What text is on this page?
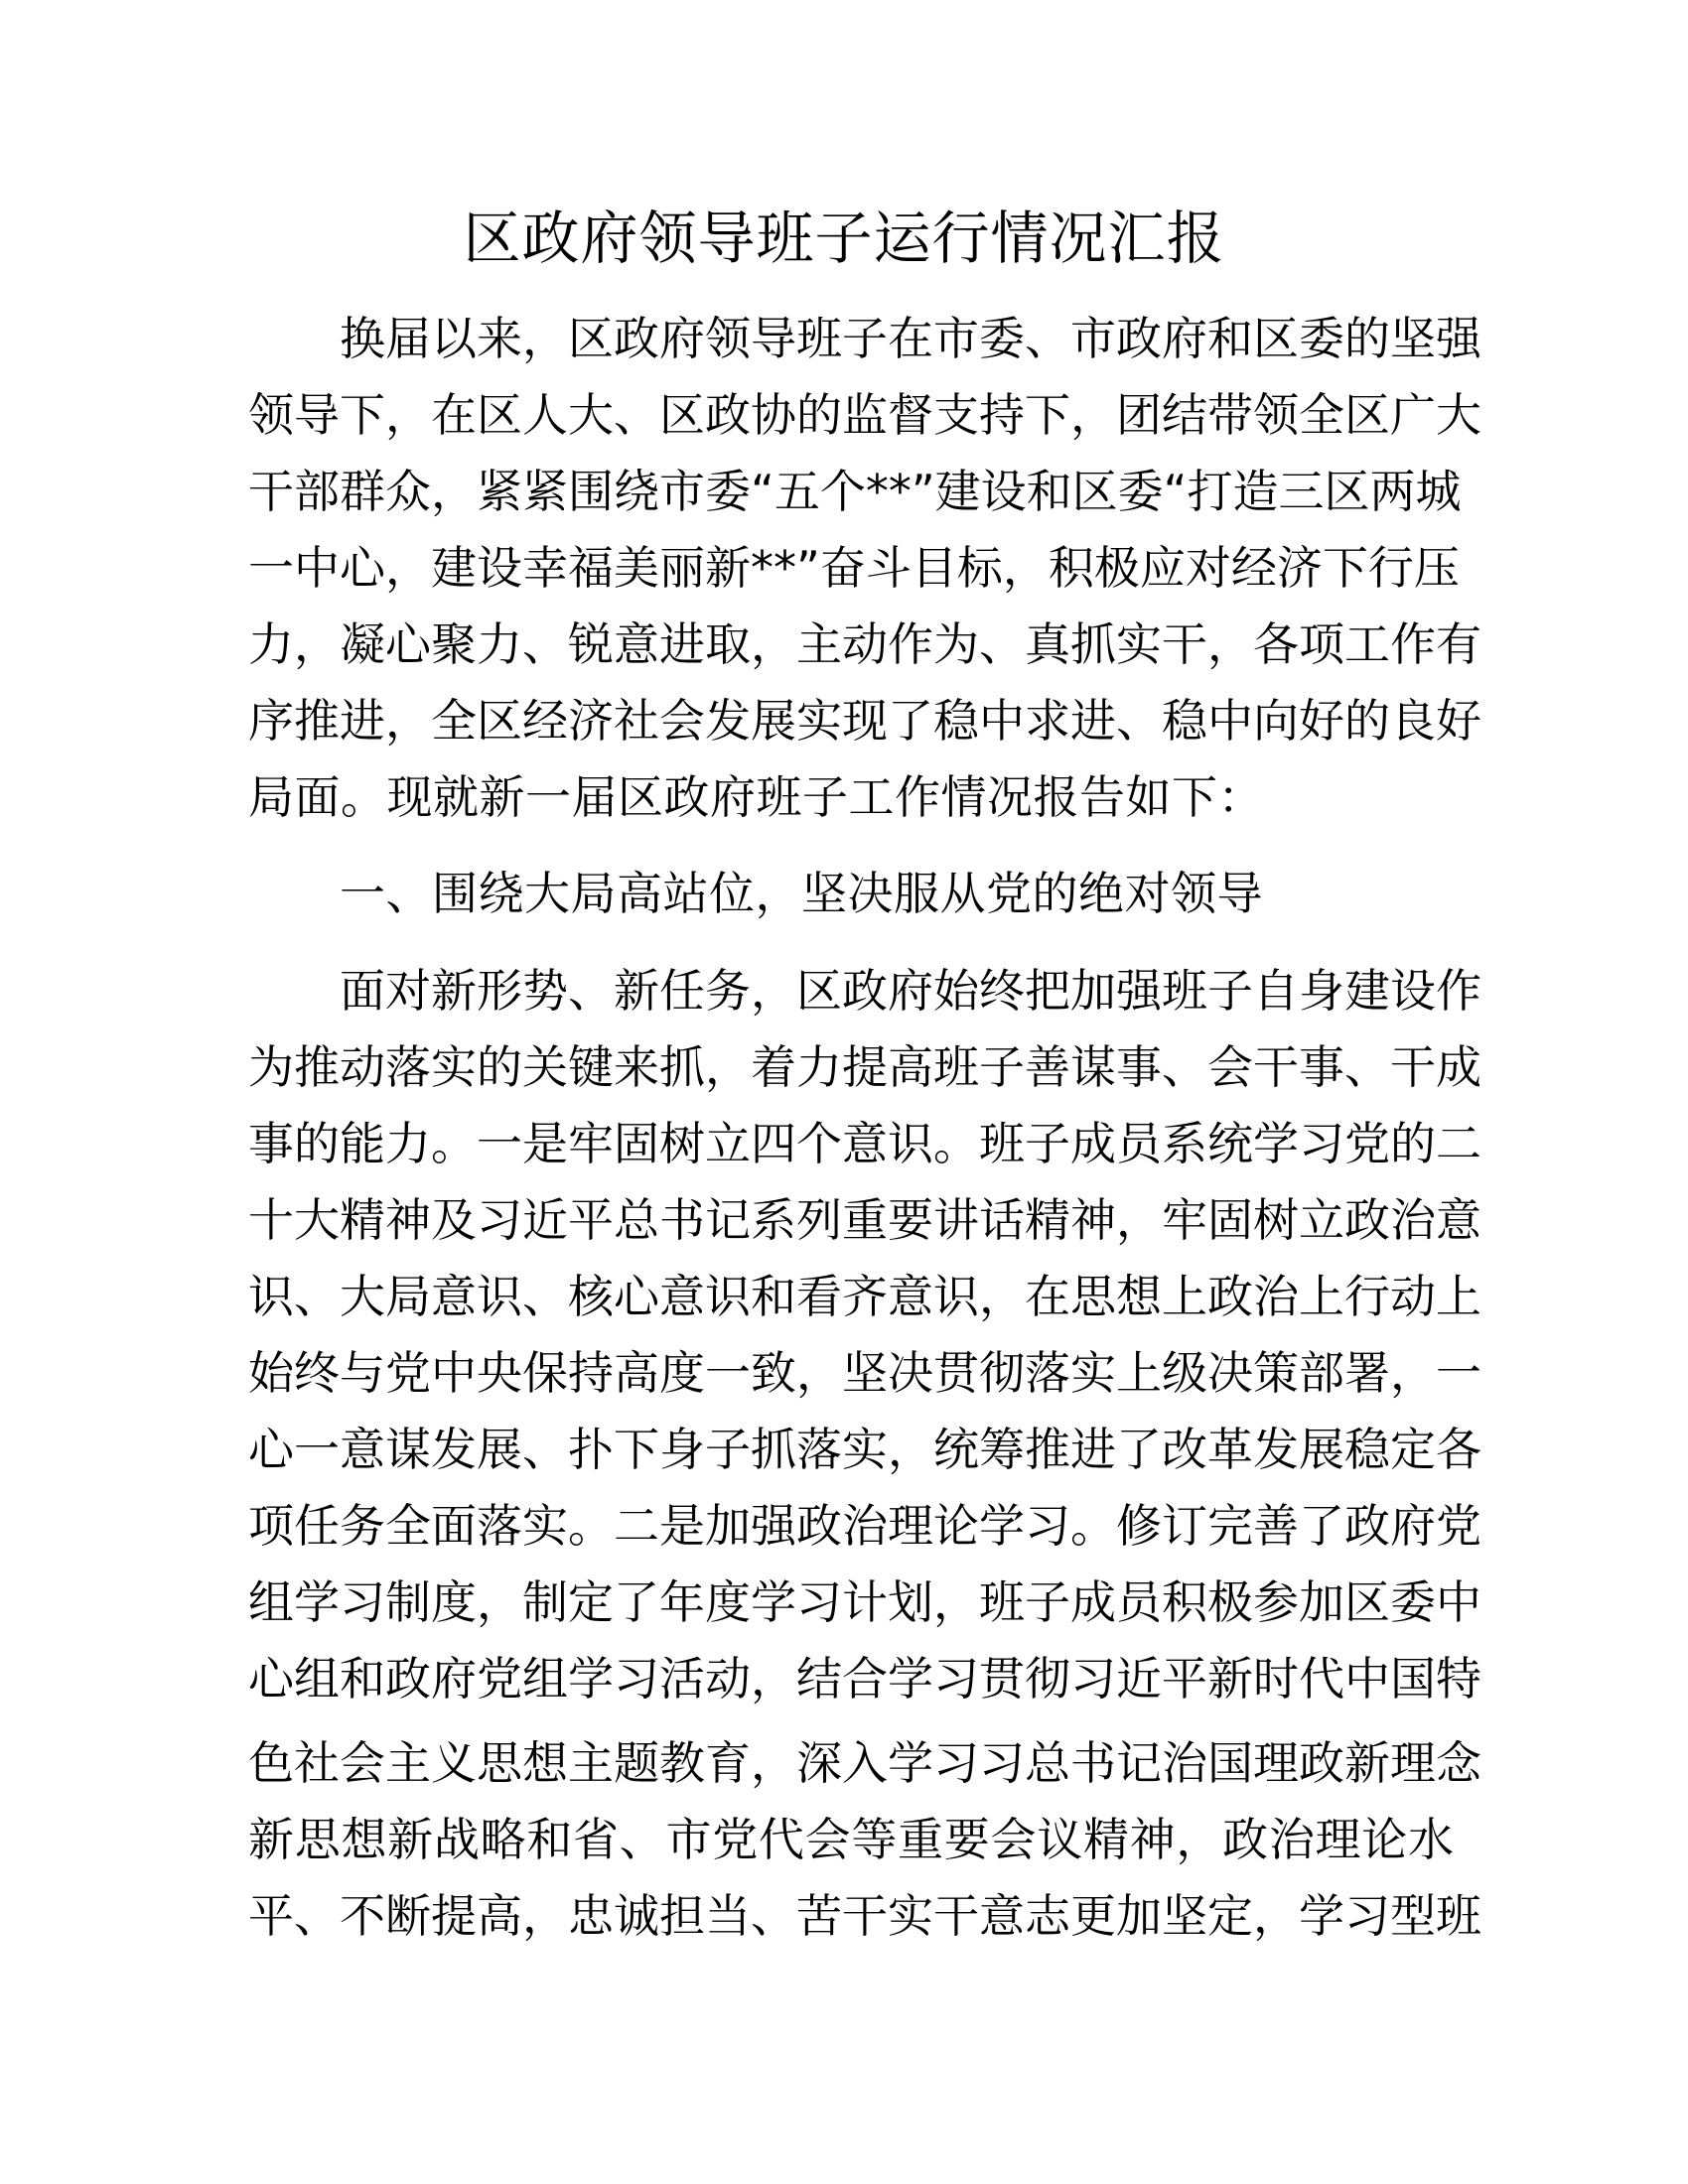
区政府领导班子运行情况汇报
换届以来，区政府领导班子在市委、市政府和区委的坚强
领导下，在区人大、区政协的监督支持下，团结带领全区广大
干部群众，紧紧围绕市委“五个**”建设和区委“打造三区两城
一中心，建设幸福美丽新**”奋斗目标，积极应对经济下行压
力，凝心聚力、锐意进取，主动作为、真抓实干，各项工作有
序推进，全区经济社会发展实现了稳中求进、稳中向好的良好
局面。现就新一届区政府班子工作情况报告如下：
一、围绕大局高站位，坚决服从党的绝对领导
面对新形势、新任务，区政府始终把加强班子自身建设作
为推动落实的关键来抓，着力提高班子善谋事、会干事、干成
事的能力。一是牢固树立四个意识。班子成员系统学习党的二
十大精神及习近平总书记系列重要讲话精神，牢固树立政治意
识、大局意识、核心意识和看齐意识，在思想上政治上行动上
始终与党中央保持高度一致，坚决贯彻落实上级决策部署，一
心一意谋发展、扑下身子抓落实，统筹推进了改革发展稳定各
项任务全面落实。二是加强政治理论学习。修订完善了政府党
组学习制度，制定了年度学习计划，班子成员积极参加区委中
心组和政府党组学习活动，结合学习贯彻习近平新时代中国特
色社会主义思想主题教育，深入学习习总书记治国理政新理念
新思想新战略和省、市党代会等重要会议精神，政治理论水
平、不断提高，忠诚担当、苦干实干意志更加坚定，学习型班
